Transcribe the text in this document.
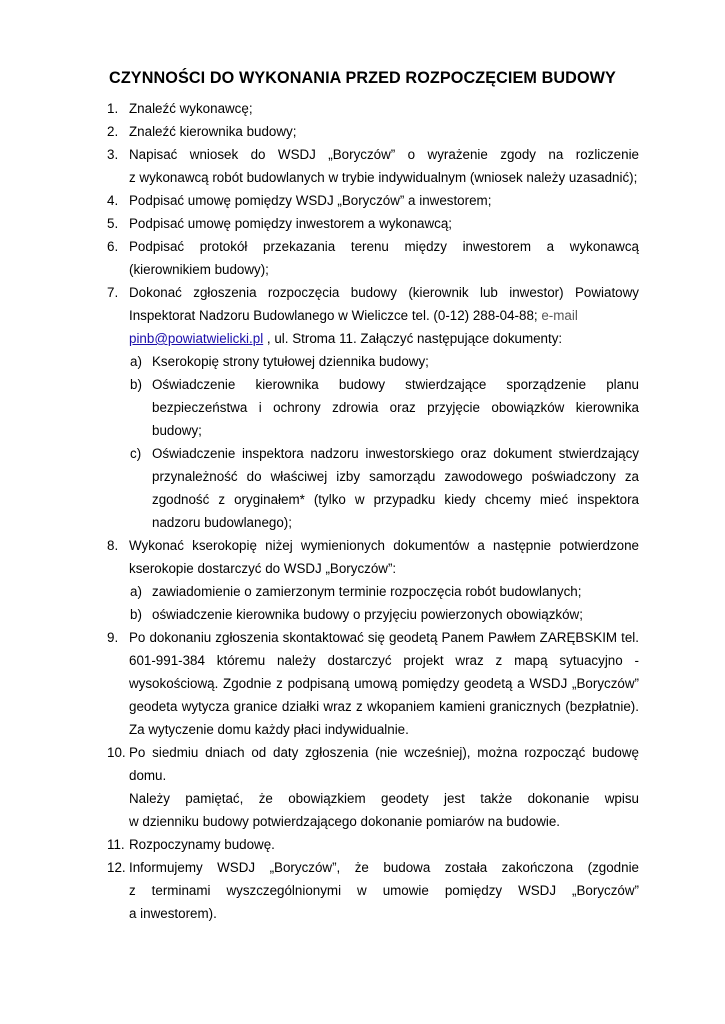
CZYNNOŚCI DO WYKONANIA PRZED ROZPOCZĘCIEM BUDOWY
1. Znaleźć wykonawcę;
2. Znaleźć kierownika budowy;
3. Napisać wniosek do WSDJ „Boryczów” o wyrażenie zgody na rozliczenie
z wykonawcą robót budowlanych w trybie indywidualnym (wniosek należy uzasadnić);
4. Podpisać umowę pomiędzy WSDJ „Boryczów” a inwestorem;
5. Podpisać umowę pomiędzy inwestorem a wykonawcą;
6. Podpisać protokół przekazania terenu między inwestorem a wykonawcą
(kierownikiem budowy);
7. Dokonać zgłoszenia rozpoczęcia budowy (kierownik lub inwestor) Powiatowy
Inspektorat Nadzoru Budowlanego w Wieliczce tel. (0-12) 288-04-88; e-mail
pinb@powiatwielicki.pl , ul. Stroma 11. Załączyć następujące dokumenty:
a) Kserokopię strony tytułowej dziennika budowy;
b) Oświadczenie kierownika budowy stwierdzające sporządzenie planu
bezpieczeństwa i ochrony zdrowia oraz przyjęcie obowiązków kierownika
budowy;
c) Oświadczenie inspektora nadzoru inwestorskiego oraz dokument stwierdzający
przynależność do właściwej izby samorządu zawodowego poświadczony za
zgodność z oryginałem* (tylko w przypadku kiedy chcemy mieć inspektora
nadzoru budowlanego);
8. Wykonać kserokopię niżej wymienionych dokumentów a następnie potwierdzone
kserokopie dostarczyć do WSDJ „Boryczów”:
a) zawiadomienie o zamierzonym terminie rozpoczęcia robót budowlanych;
b) oświadczenie kierownika budowy o przyjęciu powierzonych obowiązków;
9. Po dokonaniu zgłoszenia skontaktować się geodetą Panem Pawłem ZARĘBSKIM tel.
601-991-384 któremu należy dostarczyć projekt wraz z mapą sytuacyjno -
wysokościową. Zgodnie z podpisaną umową pomiędzy geodetą a WSDJ „Boryczów”
geodeta wytycza granice działki wraz z wkopaniem kamieni granicznych (bezpłatnie).
Za wytyczenie domu każdy płaci indywidualnie.
10. Po siedmiu dniach od daty zgłoszenia (nie wcześniej), można rozpocząć budowę
domu.
Należy pamiętać, że obowiązkiem geodety jest także dokonanie wpisu
w dzienniku budowy potwierdzającego dokonanie pomiarów na budowie.
11. Rozpoczynamy budowę.
12. Informujemy WSDJ „Boryczów”, że budowa została zakończona (zgodnie
z terminami wyszczególnionymi w umowie pomiędzy WSDJ „Boryczów”
a inwestorem).
